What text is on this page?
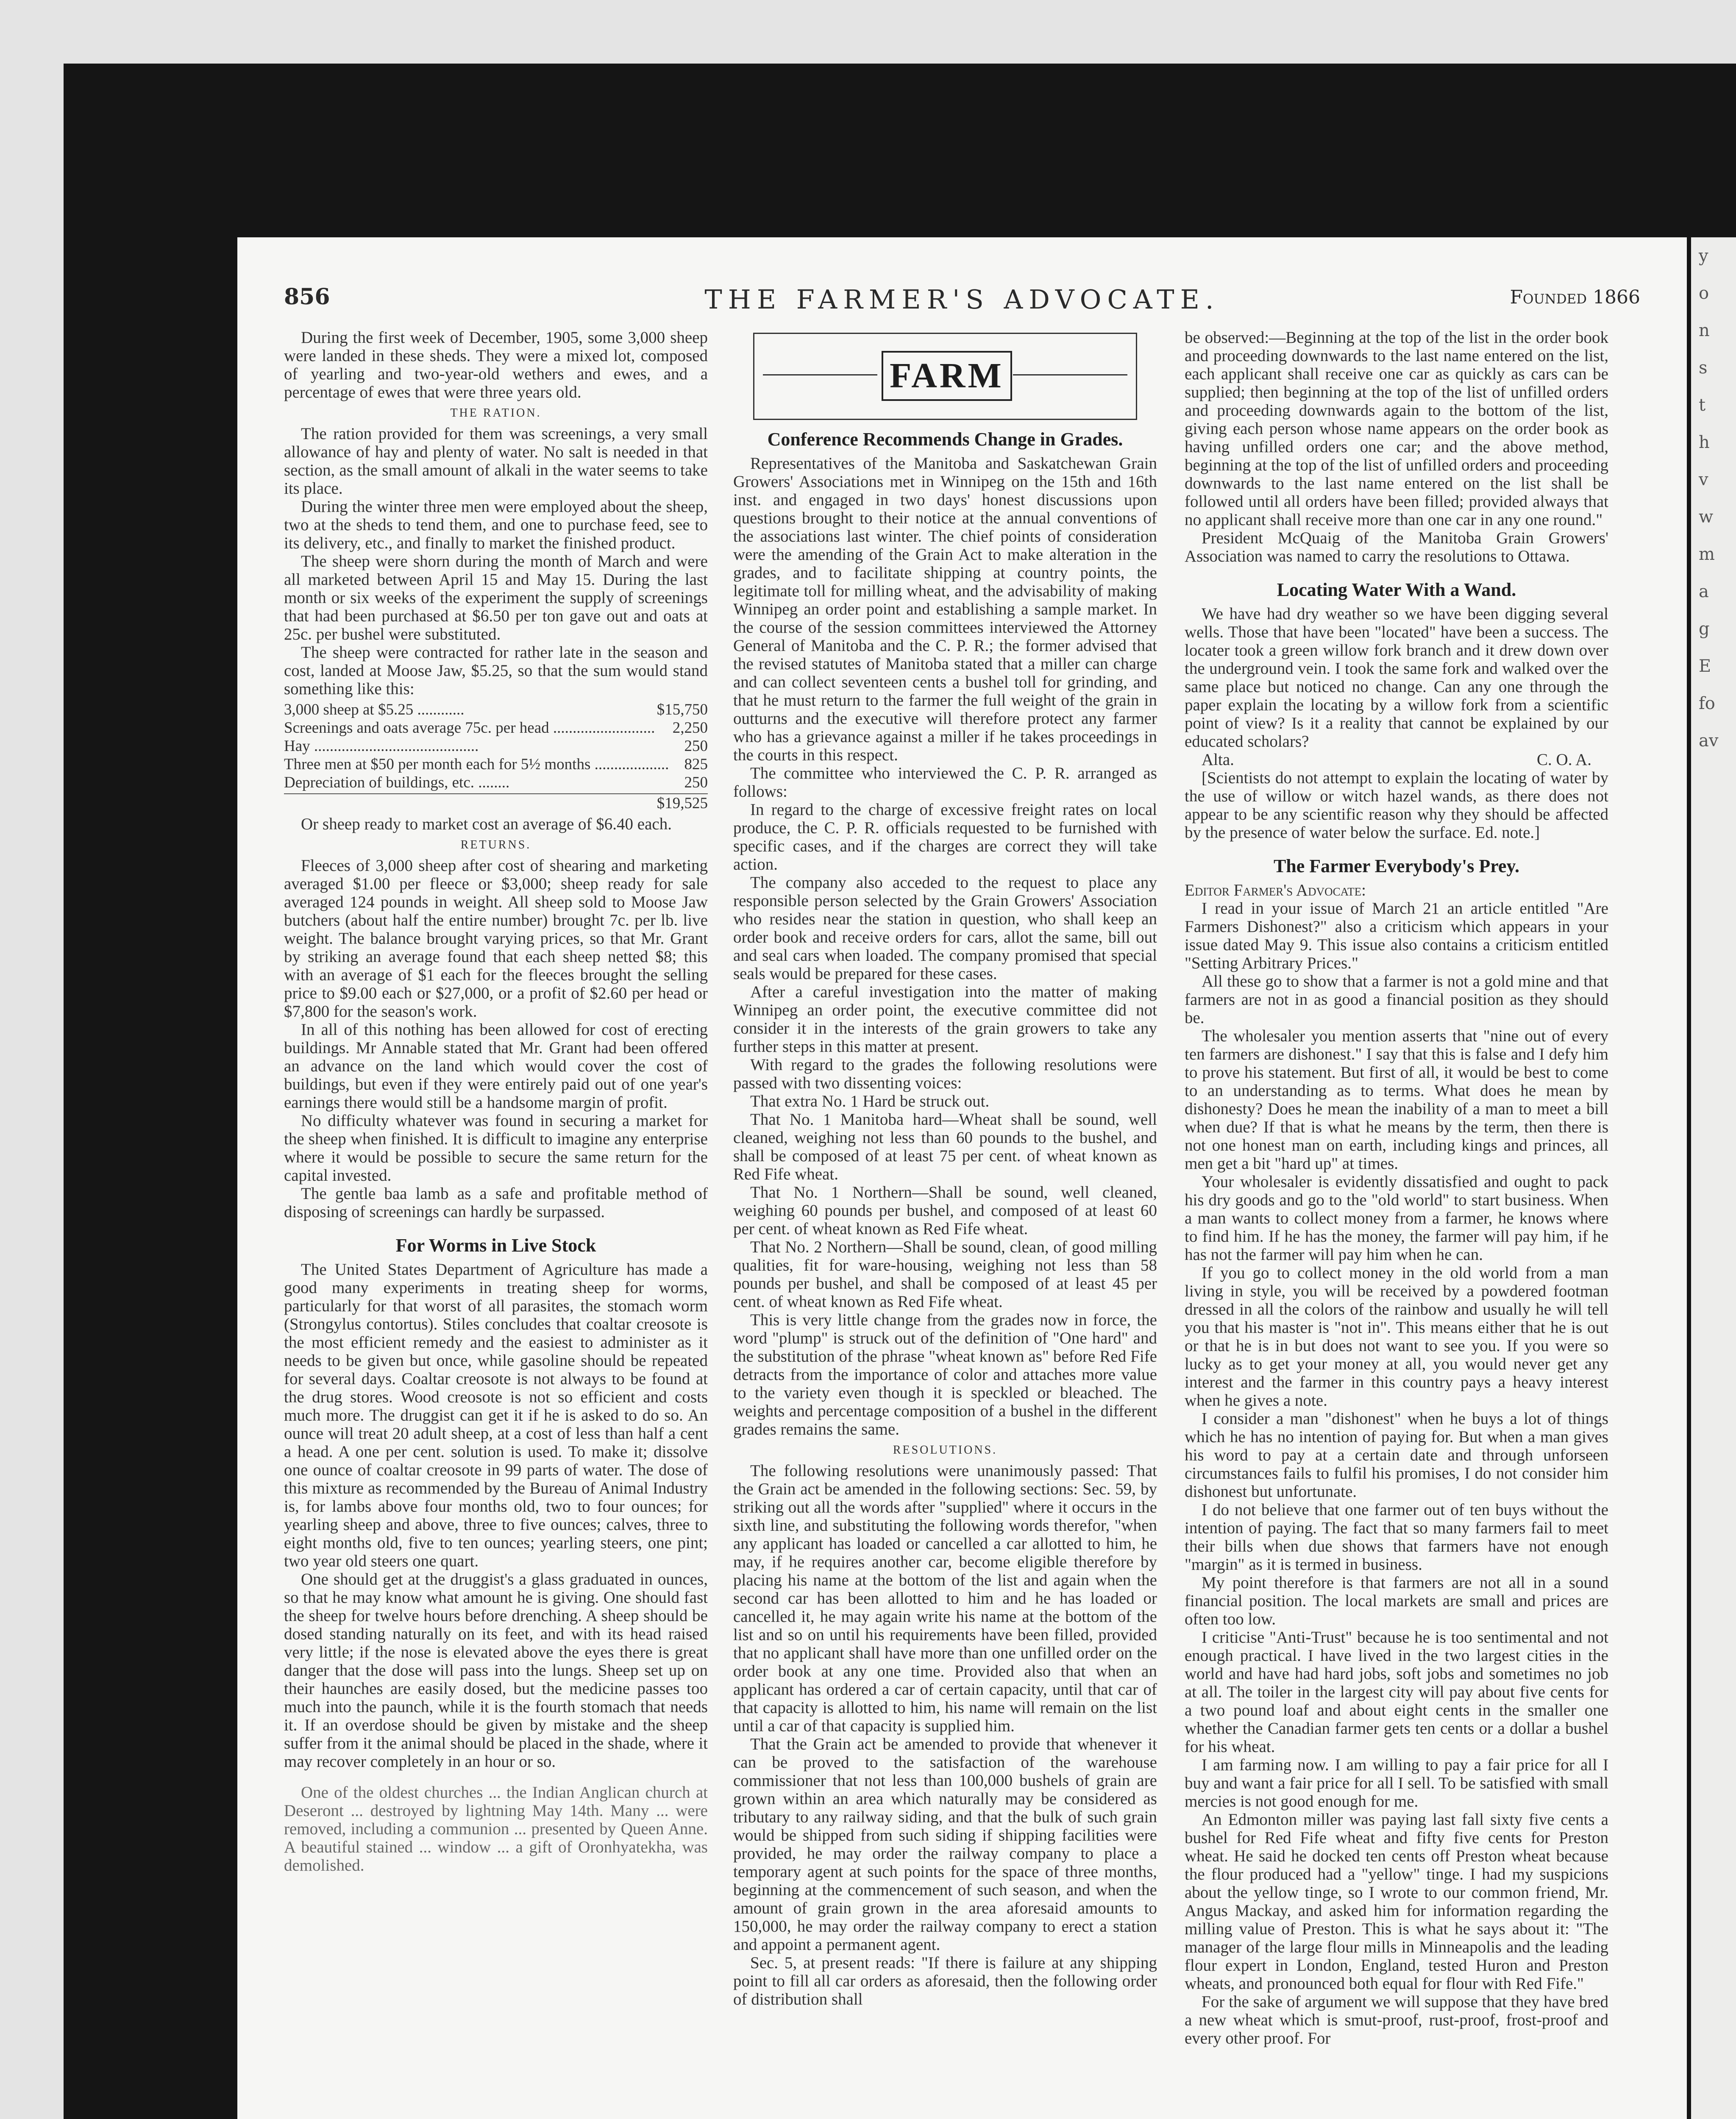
856	THE FARMER'S ADVOCATE.	Founded 1866

During the first week of December, 1905, some 3,000 sheep were landed in these sheds. They were a mixed lot, composed of yearling and two-year-old wethers and ewes, and a percentage of ewes that were three years old.

THE RATION.

The ration provided for them was screenings, a very small allowance of hay and plenty of water. No salt is needed in that section, as the small amount of alkali in the water seems to take its place.

During the winter three men were employed about the sheep, two at the sheds to tend them, and one to purchase feed, see to its delivery, etc., and finally to market the finished product.

The sheep were shorn during the month of March and were all marketed between April 15 and May 15. During the last month or six weeks of the experiment the supply of screenings that had been purchased at $6.50 per ton gave out and oats at 25c. per bushel were substituted.

The sheep were contracted for rather late in the season and cost, landed at Moose Jaw, $5.25, so that the sum would stand something like this:

3,000 sheep at $5.25 ............	$15,750
Screenings and oats average 75c. per head .......................... 2,250
Hay ..........................................	250
Three men at $50 per month each for 5½ months ................... 825
Depreciation of buildings, etc. ........	250
$19,525

Or sheep ready to market cost an average of $6.40 each.

RETURNS.

Fleeces of 3,000 sheep after cost of shearing and marketing averaged $1.00 per fleece or $3,000; sheep ready for sale averaged 124 pounds in weight. All sheep sold to Moose Jaw butchers (about half the entire number) brought 7c. per lb. live weight. The balance brought varying prices, so that Mr. Grant by striking an average found that each sheep netted $8; this with an average of $1 each for the fleeces brought the selling price to $9.00 each or $27,000, or a profit of $2.60 per head or $7,800 for the season's work.

In all of this nothing has been allowed for cost of erecting buildings. Mr Annable stated that Mr. Grant had been offered an advance on the land which would cover the cost of buildings, but even if they were entirely paid out of one year's earnings there would still be a handsome margin of profit.

No difficulty whatever was found in securing a market for the sheep when finished. It is difficult to imagine any enterprise where it would be possible to secure the same return for the capital invested.

The gentle baa lamb as a safe and profitable method of disposing of screenings can hardly be surpassed.

For Worms in Live Stock

The United States Department of Agriculture has made a good many experiments in treating sheep for worms, particularly for that worst of all parasites, the stomach worm (Strongylus contortus). Stiles concludes that coaltar creosote is the most efficient remedy and the easiest to administer as it needs to be given but once, while gasoline should be repeated for several days. Coaltar creosote is not always to be found at the drug stores. Wood creosote is not so efficient and costs much more. The druggist can get it if he is asked to do so. An ounce will treat 20 adult sheep, at a cost of less than half a cent a head. A one per cent. solution is used. To make it; dissolve one ounce of coaltar creosote in 99 parts of water. The dose of this mixture as recommended by the Bureau of Animal Industry is, for lambs above four months old, two to four ounces; for yearling sheep and above, three to five ounces; calves, three to eight months old, five to ten ounces; yearling steers, one pint; two year old steers one quart.

One should get at the druggist's a glass graduated in ounces, so that he may know what amount he is giving. One should fast the sheep for twelve hours before drenching. A sheep should be dosed standing naturally on its feet, and with its head raised very little; if the nose is elevated above the eyes there is great danger that the dose will pass into the lungs. Sheep set up on their haunches are easily dosed, but the medicine passes too much into the paunch, while it is the fourth stomach that needs it. If an overdose should be given by mistake and the sheep suffer from it the animal should be placed in the shade, where it may recover completely in an hour or so.

One of the oldest churches ... the Indian Anglican church at Deseront ... destroyed by lightning May 14th. Many ... were removed, including a communion ... presented by Queen Anne. A beautiful stained ... window ... a gift of Oronhyatekha, was demolished.

FARM
Conference Recommends Change in Grades.

Representatives of the Manitoba and Saskatchewan Grain Growers' Associations met in Winnipeg on the 15th and 16th inst. and engaged in two days' honest discussions upon questions brought to their notice at the annual conventions of the associations last winter. The chief points of consideration were the amending of the Grain Act to make alteration in the grades, and to facilitate shipping at country points, the legitimate toll for milling wheat, and the advisability of making Winnipeg an order point and establishing a sample market. In the course of the session committees interviewed the Attorney General of Manitoba and the C. P. R.; the former advised that the revised statutes of Manitoba stated that a miller can charge and can collect seventeen cents a bushel toll for grinding, and that he must return to the farmer the full weight of the grain in outturns and the executive will therefore protect any farmer who has a grievance against a miller if he takes proceedings in the courts in this respect.

The committee who interviewed the C. P. R. arranged as follows:

In regard to the charge of excessive freight rates on local produce, the C. P. R. officials requested to be furnished with specific cases, and if the charges are correct they will take action.

The company also acceded to the request to place any responsible person selected by the Grain Growers' Association who resides near the station in question, who shall keep an order book and receive orders for cars, allot the same, bill out and seal cars when loaded. The company promised that special seals would be prepared for these cases.

After a careful investigation into the matter of making Winnipeg an order point, the executive committee did not consider it in the interests of the grain growers to take any further steps in this matter at present.

With regard to the grades the following resolutions were passed with two dissenting voices:

That extra No. 1 Hard be struck out.

That No. 1 Manitoba hard—Wheat shall be sound, well cleaned, weighing not less than 60 pounds to the bushel, and shall be composed of at least 75 per cent. of wheat known as Red Fife wheat.

That No. 1 Northern—Shall be sound, well cleaned, weighing 60 pounds per bushel, and composed of at least 60 per cent. of wheat known as Red Fife wheat.

That No. 2 Northern—Shall be sound, clean, of good milling qualities, fit for ware-housing, weighing not less than 58 pounds per bushel, and shall be composed of at least 45 per cent. of wheat known as Red Fife wheat.

This is very little change from the grades now in force, the word "plump" is struck out of the definition of "One hard" and the substitution of the phrase "wheat known as" before Red Fife detracts from the importance of color and attaches more value to the variety even though it is speckled or bleached. The weights and percentage composition of a bushel in the different grades remains the same.

RESOLUTIONS.

The following resolutions were unanimously passed: That the Grain act be amended in the following sections: Sec. 59, by striking out all the words after "supplied" where it occurs in the sixth line, and substituting the following words therefor, "when any applicant has loaded or cancelled a car allotted to him, he may, if he requires another car, become eligible therefore by placing his name at the bottom of the list and again when the second car has been allotted to him and he has loaded or cancelled it, he may again write his name at the bottom of the list and so on until his requirements have been filled, provided that no applicant shall have more than one unfilled order on the order book at any one time. Provided also that when an applicant has ordered a car of certain capacity, until that car of that capacity is allotted to him, his name will remain on the list until a car of that capacity is supplied him.

That the Grain act be amended to provide that whenever it can be proved to the satisfaction of the warehouse commissioner that not less than 100,000 bushels of grain are grown within an area which naturally may be considered as tributary to any railway siding, and that the bulk of such grain would be shipped from such siding if shipping facilities were provided, he may order the railway company to place a temporary agent at such points for the space of three months, beginning at the commencement of such season, and when the amount of grain grown in the area aforesaid amounts to 150,000, he may order the railway company to erect a station and appoint a permanent agent.

Sec. 5, at present reads: "If there is failure at any shipping point to fill all car orders as aforesaid, then the following order of distribution shall

be observed:—Beginning at the top of the list in the order book and proceeding downwards to the last name entered on the list, each applicant shall receive one car as quickly as cars can be supplied; then beginning at the top of the list of unfilled orders and proceeding downwards again to the bottom of the list, giving each person whose name appears on the order book as having unfilled orders one car; and the above method, beginning at the top of the list of unfilled orders and proceeding downwards to the last name entered on the list shall be followed until all orders have been filled; provided always that no applicant shall receive more than one car in any one round."

President McQuaig of the Manitoba Grain Growers' Association was named to carry the resolutions to Ottawa.

Locating Water With a Wand.

We have had dry weather so we have been digging several wells. Those that have been "located" have been a success. The locater took a green willow fork branch and it drew down over the underground vein. I took the same fork and walked over the same place but noticed no change. Can any one through the paper explain the locating by a willow fork from a scientific point of view? Is it a reality that cannot be explained by our educated scholars?

Alta.	C. O. A.

[Scientists do not attempt to explain the locating of water by the use of willow or witch hazel wands, as there does not appear to be any scientific reason why they should be affected by the presence of water below the surface. Ed. note.]

The Farmer Everybody's Prey.

Editor Farmer's Advocate:

I read in your issue of March 21 an article entitled "Are Farmers Dishonest?" also a criticism which appears in your issue dated May 9. This issue also contains a criticism entitled "Setting Arbitrary Prices."

All these go to show that a farmer is not a gold mine and that farmers are not in as good a financial position as they should be.

The wholesaler you mention asserts that "nine out of every ten farmers are dishonest." I say that this is false and I defy him to prove his statement. But first of all, it would be best to come to an understanding as to terms. What does he mean by dishonesty? Does he mean the inability of a man to meet a bill when due? If that is what he means by the term, then there is not one honest man on earth, including kings and princes, all men get a bit "hard up" at times.

Your wholesaler is evidently dissatisfied and ought to pack his dry goods and go to the "old world" to start business. When a man wants to collect money from a farmer, he knows where to find him. If he has the money, the farmer will pay him, if he has not the farmer will pay him when he can.

If you go to collect money in the old world from a man living in style, you will be received by a powdered footman dressed in all the colors of the rainbow and usually he will tell you that his master is "not in". This means either that he is out or that he is in but does not want to see you. If you were so lucky as to get your money at all, you would never get any interest and the farmer in this country pays a heavy interest when he gives a note.

I consider a man "dishonest" when he buys a lot of things which he has no intention of paying for. But when a man gives his word to pay at a certain date and through unforseen circumstances fails to fulfil his promises, I do not consider him dishonest but unfortunate.

I do not believe that one farmer out of ten buys without the intention of paying. The fact that so many farmers fail to meet their bills when due shows that farmers have not enough "margin" as it is termed in business.

My point therefore is that farmers are not all in a sound financial position. The local markets are small and prices are often too low.

I criticise "Anti-Trust" because he is too sentimental and not enough practical. I have lived in the two largest cities in the world and have had hard jobs, soft jobs and sometimes no job at all. The toiler in the largest city will pay about five cents for a two pound loaf and about eight cents in the smaller one whether the Canadian farmer gets ten cents or a dollar a bushel for his wheat.

I am farming now. I am willing to pay a fair price for all I buy and want a fair price for all I sell. To be satisfied with small mercies is not good enough for me.

An Edmonton miller was paying last fall sixty five cents a bushel for Red Fife wheat and fifty five cents for Preston wheat. He said he docked ten cents off Preston wheat because the flour produced had a "yellow" tinge. I had my suspicions about the yellow tinge, so I wrote to our common friend, Mr. Angus Mackay, and asked him for information regarding the milling value of Preston. This is what he says about it: "The manager of the large flour mills in Minneapolis and the leading flour expert in London, England, tested Huron and Preston wheats, and pronounced both equal for flour with Red Fife."

For the sake of argument we will suppose that they have bred a new wheat which is smut-proof, rust-proof, frost-proof and every other proof. For

y
o
n
s
t
h
v
w
m
a
g
E
fo
av
